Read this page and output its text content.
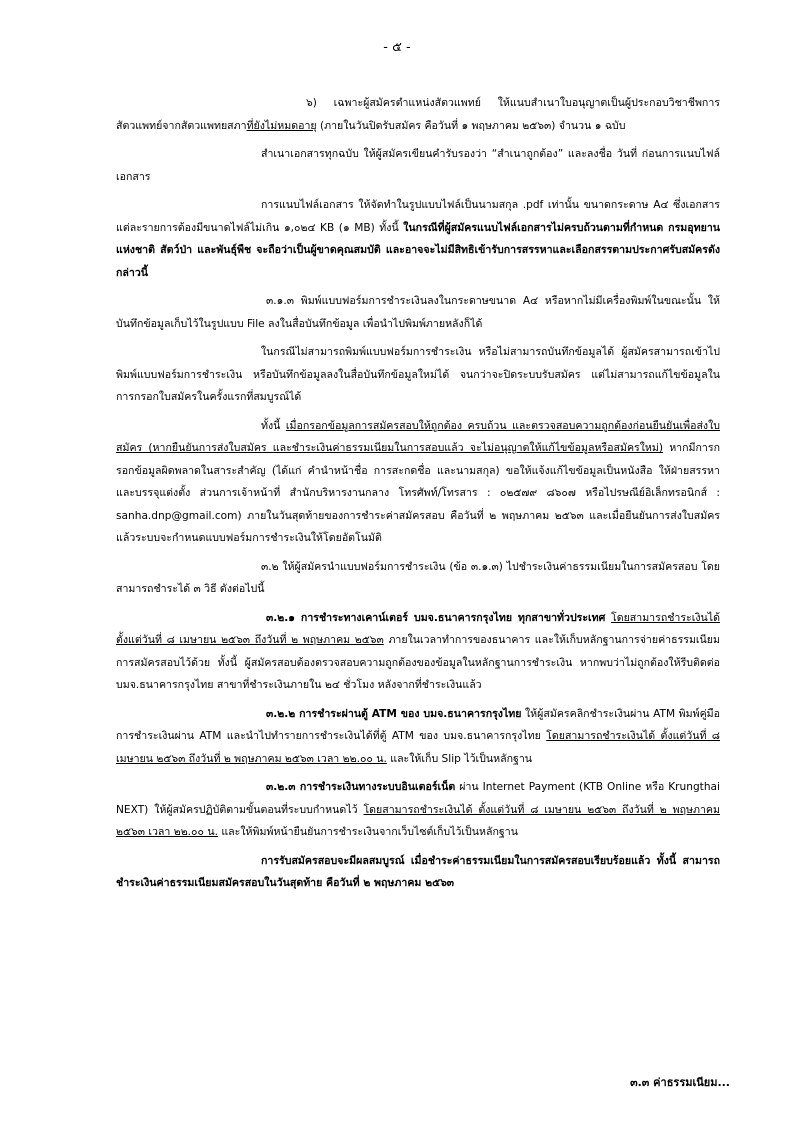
- ๕ -

๖) เฉพาะผู้สมัครตำแหน่งสัตวแพทย์ ให้แนบสำเนาใบอนุญาตเป็นผู้ประกอบวิชาชีพการสัตวแพทย์จากสัตวแพทยสภาที่ยังไม่หมดอายุ (ภายในวันปิดรับสมัคร คือวันที่ ๑ พฤษภาคม ๒๕๖๓) จำนวน ๑ ฉบับ

สำเนาเอกสารทุกฉบับ ให้ผู้สมัครเขียนคำรับรองว่า “สำเนาถูกต้อง” และลงชื่อ วันที่ ก่อนการแนบไฟล์เอกสาร

การแนบไฟล์เอกสาร ให้จัดทำในรูปแบบไฟล์เป็นนามสกุล .pdf เท่านั้น ขนาดกระดาษ A๔ ซึ่งเอกสารแต่ละรายการต้องมีขนาดไฟล์ไม่เกิน ๑,๐๒๔ KB (๑ MB) ทั้งนี้ ในกรณีที่ผู้สมัครแนบไฟล์เอกสารไม่ครบถ้วนตามที่กำหนด กรมอุทยานแห่งชาติ สัตว์ป่า และพันธุ์พืช จะถือว่าเป็นผู้ขาดคุณสมบัติ และอาจจะไม่มีสิทธิเข้ารับการสรรหาและเลือกสรรตามประกาศรับสมัครดังกล่าวนี้

๓.๑.๓ พิมพ์แบบฟอร์มการชำระเงินลงในกระดาษขนาด A๔ หรือหากไม่มีเครื่องพิมพ์ในขณะนั้น ให้บันทึกข้อมูลเก็บไว้ในรูปแบบ File ลงในสื่อบันทึกข้อมูล เพื่อนำไปพิมพ์ภายหลังก็ได้

ในกรณีไม่สามารถพิมพ์แบบฟอร์มการชำระเงิน หรือไม่สามารถบันทึกข้อมูลได้ ผู้สมัครสามารถเข้าไปพิมพ์แบบฟอร์มการชำระเงิน หรือบันทึกข้อมูลลงในสื่อบันทึกข้อมูลใหม่ได้ จนกว่าจะปิดระบบรับสมัคร แต่ไม่สามารถแก้ไขข้อมูลในการกรอกใบสมัครในครั้งแรกที่สมบูรณ์ได้

ทั้งนี้ เมื่อกรอกข้อมูลการสมัครสอบให้ถูกต้อง ครบถ้วน และตรวจสอบความถูกต้องก่อนยืนยันเพื่อส่งใบสมัคร (หากยืนยันการส่งใบสมัคร และชำระเงินค่าธรรมเนียมในการสอบแล้ว จะไม่อนุญาตให้แก้ไขข้อมูลหรือสมัครใหม่) หากมีการกรอกข้อมูลผิดพลาดในสาระสำคัญ (ได้แก่ คำนำหน้าชื่อ การสะกดชื่อ และนามสกุล) ขอให้แจ้งแก้ไขข้อมูลเป็นหนังสือ ให้ฝ่ายสรรหาและบรรจุแต่งตั้ง ส่วนการเจ้าหน้าที่ สำนักบริหารงานกลาง โทรศัพท์/โทรสาร : ๐๒๕๗๙ ๘๖๐๗ หรือไปรษณีย์อิเล็กทรอนิกส์ : sanha.dnp@gmail.com) ภายในวันสุดท้ายของการชำระค่าสมัครสอบ คือวันที่ ๒ พฤษภาคม ๒๕๖๓ และเมื่อยืนยันการส่งใบสมัครแล้วระบบจะกำหนดแบบฟอร์มการชำระเงินให้โดยอัตโนมัติ

๓.๒ ให้ผู้สมัครนำแบบฟอร์มการชำระเงิน (ข้อ ๓.๑.๓) ไปชำระเงินค่าธรรมเนียมในการสมัครสอบ โดยสามารถชำระได้ ๓ วิธี ดังต่อไปนี้

๓.๒.๑ การชำระทางเคาน์เตอร์ บมจ.ธนาคารกรุงไทย ทุกสาขาทั่วประเทศ โดยสามารถชำระเงินได้ ตั้งแต่วันที่ ๘ เมษายน ๒๕๖๓ ถึงวันที่ ๒ พฤษภาคม ๒๕๖๓ ภายในเวลาทำการของธนาคาร และให้เก็บหลักฐานการจ่ายค่าธรรมเนียมการสมัครสอบไว้ด้วย ทั้งนี้ ผู้สมัครสอบต้องตรวจสอบความถูกต้องของข้อมูลในหลักฐานการชำระเงิน หากพบว่าไม่ถูกต้องให้รีบติดต่อ บมจ.ธนาคารกรุงไทย สาขาที่ชำระเงินภายใน ๒๔ ชั่วโมง หลังจากที่ชำระเงินแล้ว

๓.๒.๒ การชำระผ่านตู้ ATM ของ บมจ.ธนาคารกรุงไทย ให้ผู้สมัครคลิกชำระเงินผ่าน ATM พิมพ์คู่มือการชำระเงินผ่าน ATM และนำไปทำรายการชำระเงินได้ที่ตู้ ATM ของ บมจ.ธนาคารกรุงไทย โดยสามารถชำระเงินได้ ตั้งแต่วันที่ ๘ เมษายน ๒๕๖๓ ถึงวันที่ ๒ พฤษภาคม ๒๕๖๓ เวลา ๒๒.๐๐ น. และให้เก็บ Slip ไว้เป็นหลักฐาน

๓.๒.๓ การชำระเงินทางระบบอินเตอร์เน็ต ผ่าน Internet Payment (KTB Online หรือ Krungthai NEXT) ให้ผู้สมัครปฏิบัติตามขั้นตอนที่ระบบกำหนดไว้ โดยสามารถชำระเงินได้ ตั้งแต่วันที่ ๘ เมษายน ๒๕๖๓ ถึงวันที่ ๒ พฤษภาคม ๒๕๖๓ เวลา ๒๒.๐๐ น. และให้พิมพ์หน้ายืนยันการชำระเงินจากเว็บไซต์เก็บไว้เป็นหลักฐาน

การรับสมัครสอบจะมีผลสมบูรณ์ เมื่อชำระค่าธรรมเนียมในการสมัครสอบเรียบร้อยแล้ว ทั้งนี้ สามารถชำระเงินค่าธรรมเนียมสมัครสอบในวันสุดท้าย คือวันที่ ๒ พฤษภาคม ๒๕๖๓

๓.๓ ค่าธรรมเนียม...
